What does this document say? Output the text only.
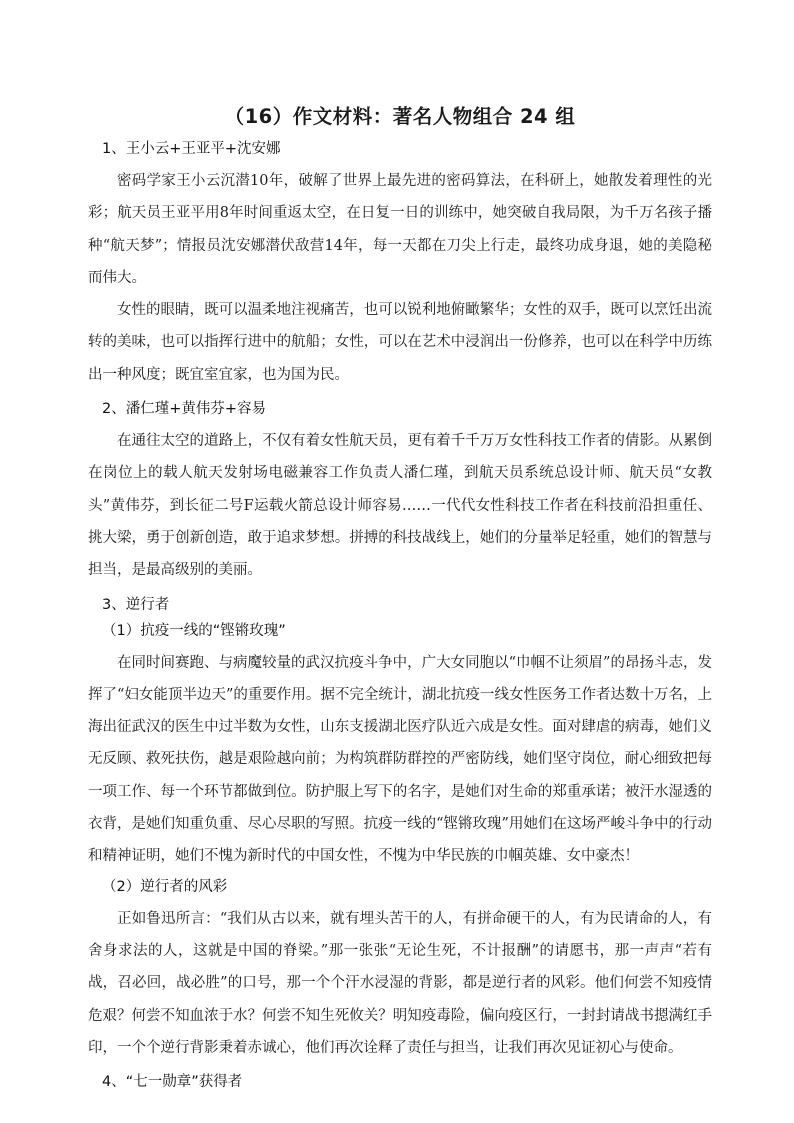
（16）作文材料：著名人物组合 24 组
1、王小云+王亚平+沈安娜

密码学家王小云沉潜10年，破解了世界上最先进的密码算法，在科研上，她散发着理性的光彩；航天员王亚平用8年时间重返太空，在日复一日的训练中，她突破自我局限，为千万名孩子播种“航天梦”；情报员沈安娜潜伏敌营14年，每一天都在刀尖上行走，最终功成身退，她的美隐秘而伟大。

女性的眼睛，既可以温柔地注视痛苦，也可以锐利地俯瞰繁华；女性的双手，既可以烹饪出流转的美味，也可以指挥行进中的航船；女性，可以在艺术中浸润出一份修养，也可以在科学中历练出一种风度；既宜室宜家，也为国为民。

2、潘仁瑾+黄伟芬+容易

在通往太空的道路上，不仅有着女性航天员，更有着千千万万女性科技工作者的倩影。从累倒在岗位上的载人航天发射场电磁兼容工作负责人潘仁瑾，到航天员系统总设计师、航天员“女教头”黄伟芬，到长征二号F运载火箭总设计师容易……一代代女性科技工作者在科技前沿担重任、挑大梁，勇于创新创造，敢于追求梦想。拼搏的科技战线上，她们的分量举足轻重，她们的智慧与担当，是最高级别的美丽。

3、逆行者
（1）抗疫一线的“铿锵玫瑰”

在同时间赛跑、与病魔较量的武汉抗疫斗争中，广大女同胞以“巾帼不让须眉”的昂扬斗志，发挥了“妇女能顶半边天”的重要作用。据不完全统计，湖北抗疫一线女性医务工作者达数十万名，上海出征武汉的医生中过半数为女性，山东支援湖北医疗队近六成是女性。面对肆虐的病毒，她们义无反顾、救死扶伤，越是艰险越向前；为构筑群防群控的严密防线，她们坚守岗位，耐心细致把每一项工作、每一个环节都做到位。防护服上写下的名字，是她们对生命的郑重承诺；被汗水湿透的衣背，是她们知重负重、尽心尽职的写照。抗疫一线的“铿锵玫瑰”用她们在这场严峻斗争中的行动和精神证明，她们不愧为新时代的中国女性，不愧为中华民族的巾帼英雄、女中豪杰！

（2）逆行者的风彩

正如鲁迅所言：“我们从古以来，就有埋头苦干的人，有拼命硬干的人，有为民请命的人，有舍身求法的人，这就是中国的脊梁。”那一张张“无论生死，不计报酬”的请愿书，那一声声“若有战，召必回，战必胜”的口号，那一个个汗水浸湿的背影，都是逆行者的风彩。他们何尝不知疫情危艰？何尝不知血浓于水？何尝不知生死攸关？明知疫毒险，偏向疫区行，一封封请战书摁满红手印，一个个逆行背影秉着赤诚心，他们再次诠释了责任与担当，让我们再次见证初心与使命。

4、“七一勋章”获得者
